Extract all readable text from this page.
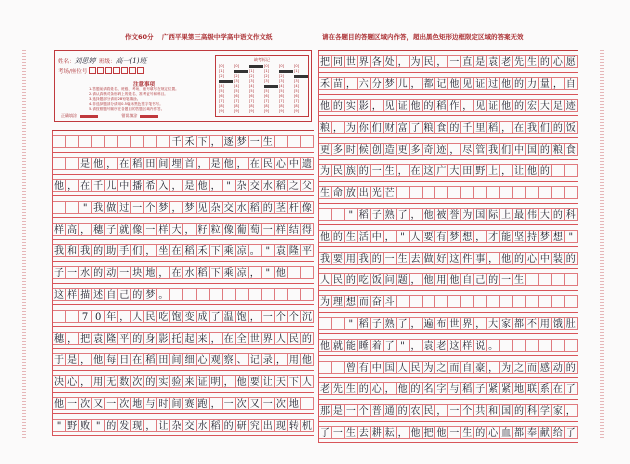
作文60分 广西平果第三高级中学高中语文作文纸	请在各题目的答题区域内作答，超出黑色矩形边框限定区域的答案无效
姓名：刘思婷 班级：高一(1)班
考场/座位号
注意事项
1.答题前请将姓名、班级、考场、座号填写在规定位置。
2.请认真核对条形码上的姓名、准考证号和科目。
3.选择题部分请用2B铅笔填涂。
4.非选择题部分请用0.5毫米黑色签字笔书写。
5.请按照题号顺序在各题目的答题区域内作答。
正确填涂	错误填涂
缺考标记
[0]	[0]	[0]	[0]	[0]
[1]	[1]	[1]	[1]
[2]	[2]	[2]	[2]	[2]
[3]	[3]	[3]	[3]	[3]
[4]	[4]	[4]	[4]	[4]
[5]	[5]	[5]	[5]	[5]	[5]
[6]	[6]	[6]	[6]	[6]	[6]
[7]	[7]	[7]	[7]	[7]	[7]
[8]	[8]	[8]	[8]	[8]	[8]
[9]	[9]	[9]	[9]	[9]	[9]
千 禾 下 ， 逐 梦 一 生
是 他 ， 在 稻 田 间 埋 首 ， 是 他 ， 在 民 心 中 遗
他 ， 在 千 儿 中 播 希 入 ， 是 他 ， " 杂 交 水 稻 之 父
" 我 做 过 一 个 梦 ， 梦 见 杂 交 水 稻 的 茎 杆 像
样 高 ， 穗 子 就 像 一 样 大 ， 籽 粒 像 葡 萄 一 样 结 得
我 和 我 的 助 手 们 ， 坐 在 稻 禾 下 乘 凉 。 " 袁 隆 平
子 一 水 的 动 一 块 地 ， 在 水 稻 下 乘 凉 ， " 他
这 样 描 述 自 己 的 梦 。
7 0 年 ， 人 民 吃 饱 变 成 了 温 饱 ， 一 个 个 沉
穗 ， 把 袁 隆 平 的 身 影 托 起 来 ， 在 全 世 界 人 民 的
于 是 ， 他 每 日 在 稻 田 间 细 心 观 察 、 记 录 ， 用 他
决 心 ， 用 无 数 次 的 实 验 来 证 明 ， 他 要 让 天 下 人
他 一 次 又 一 次 地 与 时 间 赛 跑 ， 一 次 又 一 次 地
" 野 败 " 的 发 现 ， 让 杂 交 水 稻 的 研 究 出 现 转 机
把 同 世 界 各 处 ， 为 民 ， 一 直 是 袁 老 先 生 的 心 愿
禾 苗 ， 六 分 梦 儿 ， 都 记 他 见 证 过 他 的 力 量 ， 自
他 的 实 影 ， 见 证 他 的 稻 作 ， 见 证 他 的 宏 大 足 迹
粮 ， 为 你 们 财 富 了 粮 食 的 千 里 稻 ， 在 我 们 的 饭
更 多 时 候 创 造 更 多 奇 迹 ， 尽 管 我 们 中 国 的 粮 食
为 民 族 的 一 生 ， 在 这 广 大 田 野 上 ， 让 他 的
生 命 放 出 光 芒
" 稻 子 熟 了 ， 他 被 誉 为 国 际 上 最 伟 大 的 科
他 的 生 活 中 ， " 人 要 有 梦 想 ， 才 能 坚 持 梦 想 "
我 要 用 我 的 一 生 去 做 好 这 件 事 ， 他 的 心 中 装 的
人 民 的 吃 饭 问 题 ， 他 用 他 自 己 的 一 生
为 理 想 而 奋 斗
" 稻 子 熟 了 ， 遍 布 世 界 ， 大 家 都 不 用 饿 肚
他 就 能 睡 着 了 " ， 袁 老 这 样 说 。
曾 有 中 国 人 民 为 之 而 自 豪 ， 为 之 而 感 动 的
老 先 生 的 心 ， 他 的 名 字 与 稻 子 紧 紧 地 联 系 在 了
那 是 一 个 普 通 的 农 民 ， 一 个 共 和 国 的 科 学 家 ，
了 一 生 去 耕 耘 ， 他 把 他 一 生 的 心 血 都 奉 献 给 了
